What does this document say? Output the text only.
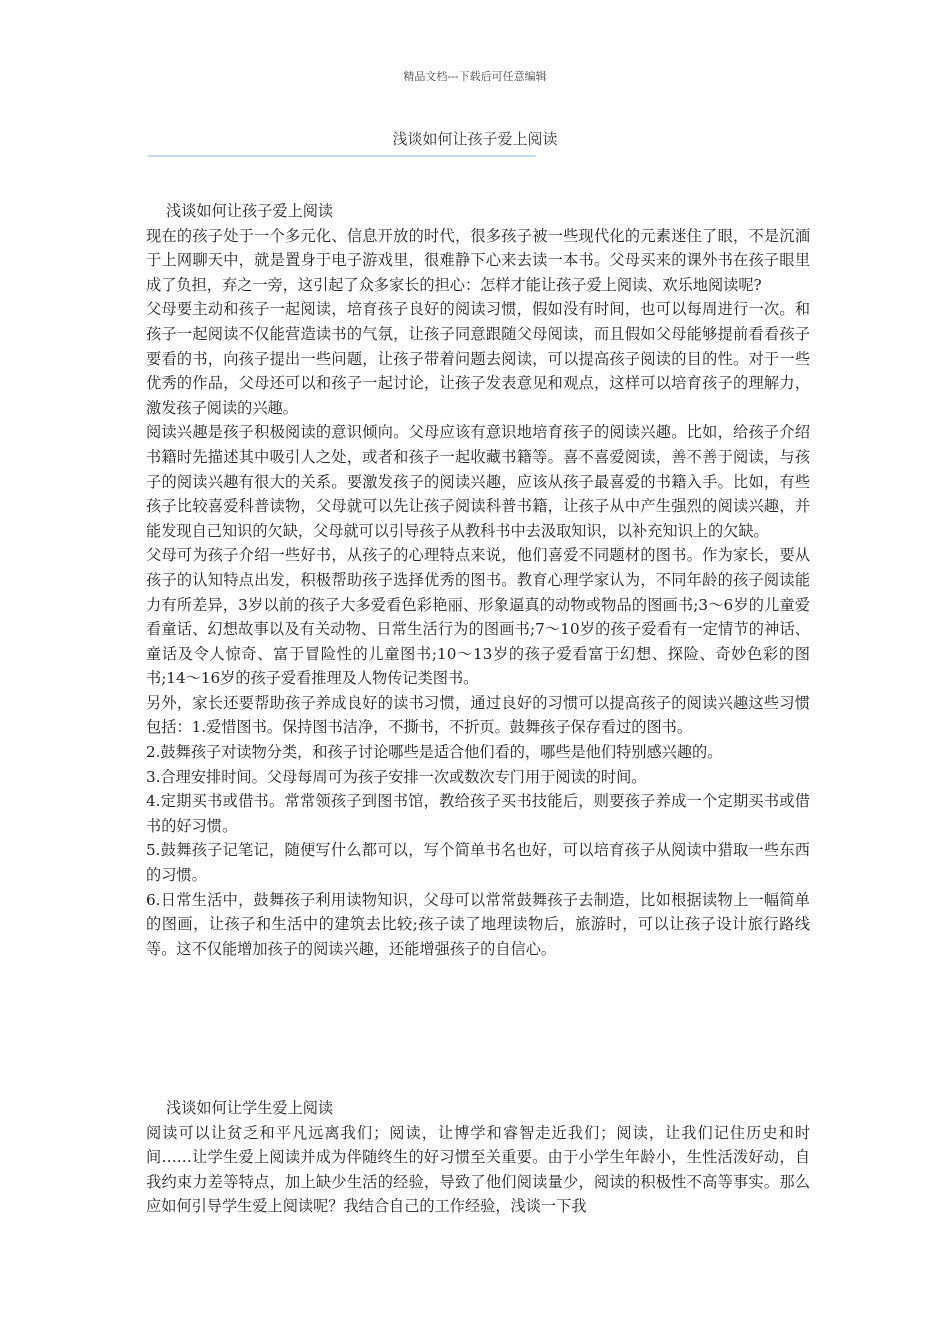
精品文档---下载后可任意编辑
浅谈如何让孩子爱上阅读
——————————————————————————————————————————————

浅谈如何让孩子爱上阅读

现在的孩子处于一个多元化、信息开放的时代，很多孩子被一些现代化的元素迷住了眼，不是沉湎于上网聊天中，就是置身于电子游戏里，很难静下心来去读一本书。父母买来的课外书在孩子眼里成了负担，弃之一旁，这引起了众多家长的担心：怎样才能让孩子爱上阅读、欢乐地阅读呢?

父母要主动和孩子一起阅读，培育孩子良好的阅读习惯，假如没有时间，也可以每周进行一次。和孩子一起阅读不仅能营造读书的气氛，让孩子同意跟随父母阅读，而且假如父母能够提前看看孩子要看的书，向孩子提出一些问题，让孩子带着问题去阅读，可以提高孩子阅读的目的性。对于一些优秀的作品，父母还可以和孩子一起讨论，让孩子发表意见和观点，这样可以培育孩子的理解力，激发孩子阅读的兴趣。

阅读兴趣是孩子积极阅读的意识倾向。父母应该有意识地培育孩子的阅读兴趣。比如，给孩子介绍书籍时先描述其中吸引人之处，或者和孩子一起收藏书籍等。喜不喜爱阅读，善不善于阅读，与孩子的阅读兴趣有很大的关系。要激发孩子的阅读兴趣，应该从孩子最喜爱的书籍入手。比如，有些孩子比较喜爱科普读物，父母就可以先让孩子阅读科普书籍，让孩子从中产生强烈的阅读兴趣，并能发现自己知识的欠缺，父母就可以引导孩子从教科书中去汲取知识，以补充知识上的欠缺。

父母可为孩子介绍一些好书，从孩子的心理特点来说，他们喜爱不同题材的图书。作为家长，要从孩子的认知特点出发，积极帮助孩子选择优秀的图书。教育心理学家认为，不同年龄的孩子阅读能力有所差异，3岁以前的孩子大多爱看色彩艳丽、形象逼真的动物或物品的图画书;3～6岁的儿童爱看童话、幻想故事以及有关动物、日常生活行为的图画书;7～10岁的孩子爱看有一定情节的神话、童话及令人惊奇、富于冒险性的儿童图书;10～13岁的孩子爱看富于幻想、探险、奇妙色彩的图书;14～16岁的孩子爱看推理及人物传记类图书。

另外，家长还要帮助孩子养成良好的读书习惯，通过良好的习惯可以提高孩子的阅读兴趣这些习惯包括：1.爱惜图书。保持图书洁净，不撕书，不折页。鼓舞孩子保存看过的图书。

2.鼓舞孩子对读物分类，和孩子讨论哪些是适合他们看的，哪些是他们特别感兴趣的。

3.合理安排时间。父母每周可为孩子安排一次或数次专门用于阅读的时间。

4.定期买书或借书。常常领孩子到图书馆，教给孩子买书技能后，则要孩子养成一个定期买书或借书的好习惯。

5.鼓舞孩子记笔记，随便写什么都可以，写个简单书名也好，可以培育孩子从阅读中猎取一些东西的习惯。

6.日常生活中，鼓舞孩子利用读物知识，父母可以常常鼓舞孩子去制造，比如根据读物上一幅简单的图画，让孩子和生活中的建筑去比较;孩子读了地理读物后，旅游时，可以让孩子设计旅行路线等。这不仅能增加孩子的阅读兴趣，还能增强孩子的自信心。

浅谈如何让学生爱上阅读

阅读可以让贫乏和平凡远离我们；阅读，让博学和睿智走近我们；阅读，让我们记住历史和时间……让学生爱上阅读并成为伴随终生的好习惯至关重要。由于小学生年龄小，生性活泼好动，自我约束力差等特点，加上缺少生活的经验，导致了他们阅读量少，阅读的积极性不高等事实。那么应如何引导学生爱上阅读呢？我结合自己的工作经验，浅谈一下我
